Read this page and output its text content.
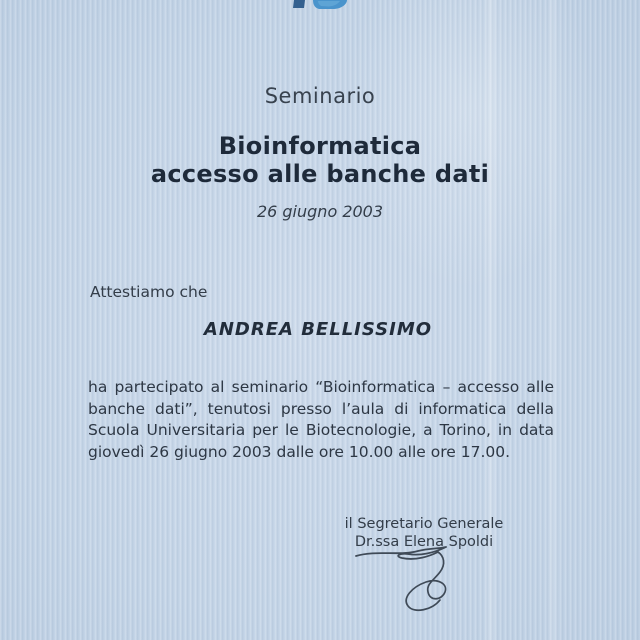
Seminario
Bioinformatica
accesso alle banche dati
26 giugno 2003
Attestiamo che
ANDREA BELLISSIMO
ha partecipato al seminario “Bioinformatica – accesso alle banche dati”, tenutosi presso l’aula di informatica della Scuola Universitaria per le Biotecnologie, a Torino, in data giovedì 26 giugno 2003 dalle ore 10.00 alle ore 17.00.
il Segretario Generale
Dr.ssa Elena Spoldi
